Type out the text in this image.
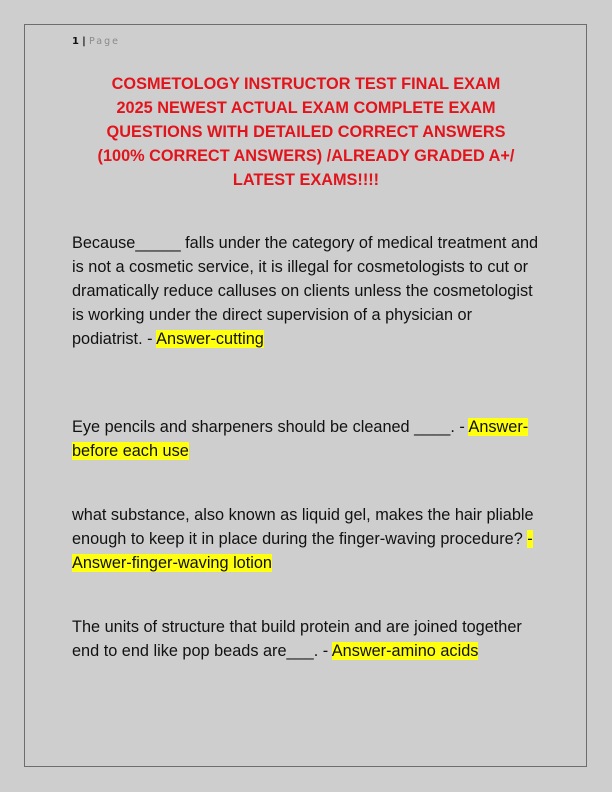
1 | Page
COSMETOLOGY INSTRUCTOR TEST FINAL EXAM
2025 NEWEST ACTUAL EXAM COMPLETE EXAM
QUESTIONS WITH DETAILED CORRECT ANSWERS
(100% CORRECT ANSWERS) /ALREADY GRADED A+/
LATEST EXAMS!!!!
Because_____ falls under the category of medical treatment and is not a cosmetic service, it is illegal for cosmetologists to cut or dramatically reduce calluses on clients unless the cosmetologist is working under the direct supervision of a physician or podiatrist. - Answer-cutting
Eye pencils and sharpeners should be cleaned ____. - Answer-before each use
what substance, also known as liquid gel, makes the hair pliable enough to keep it in place during the finger-waving procedure? - Answer-finger-waving lotion
The units of structure that build protein and are joined together end to end like pop beads are___. - Answer-amino acids
